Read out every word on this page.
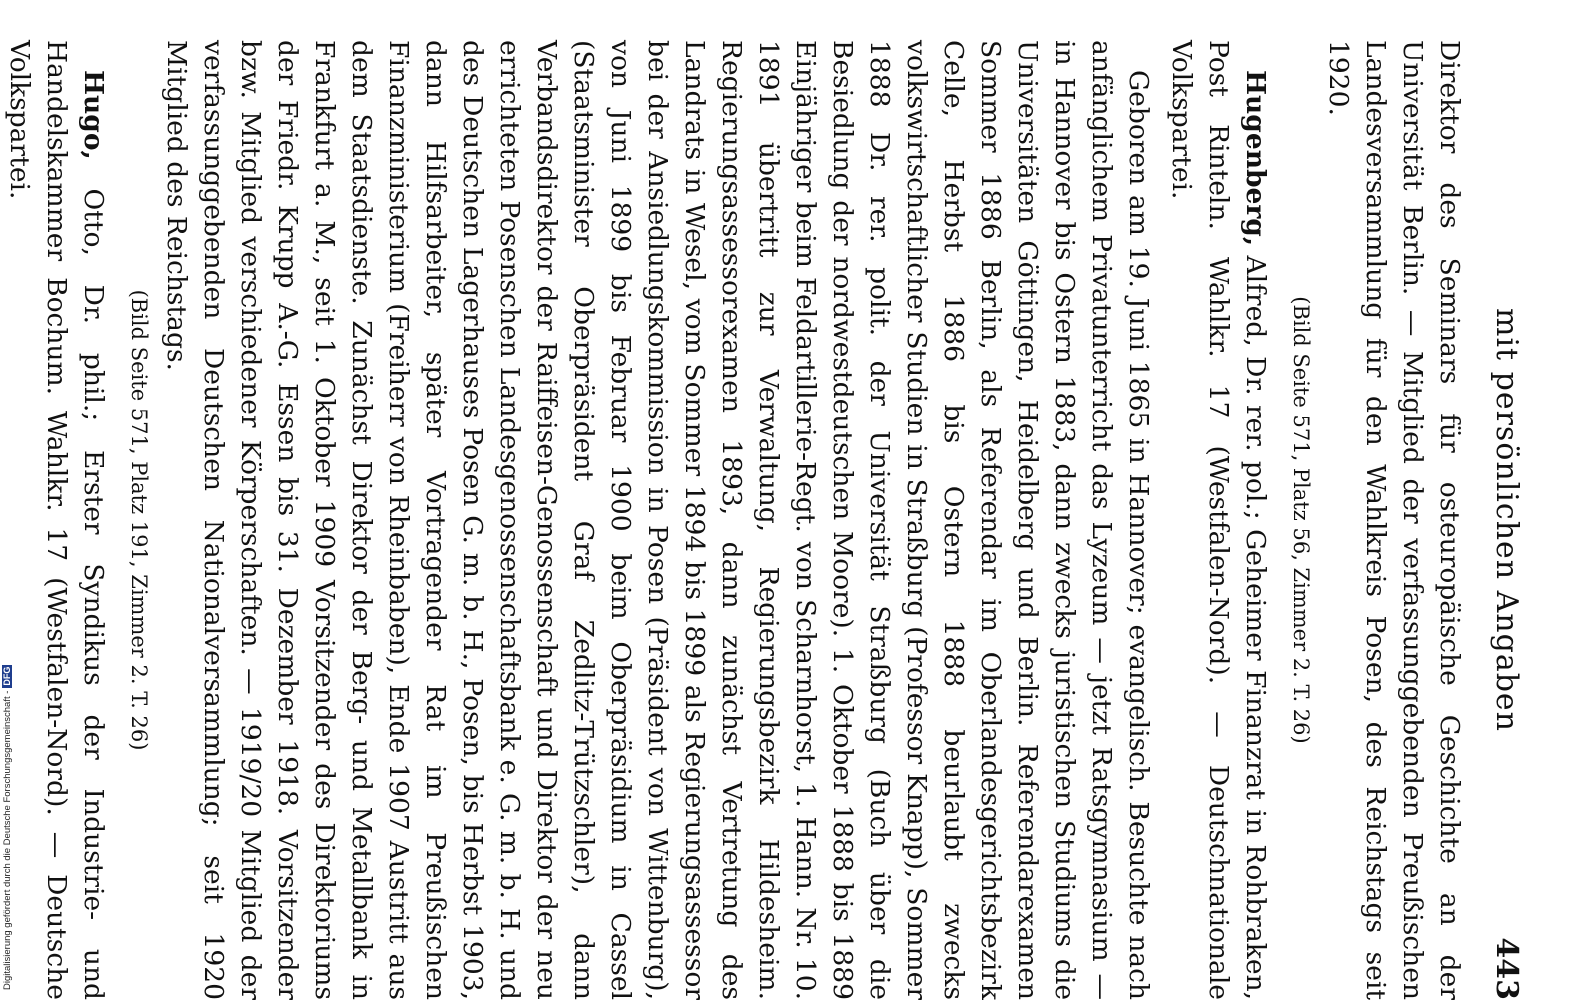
mit persönlichen Angaben
443

Direktor des Seminars für osteuropäische Geschichte an der Universität Berlin. — Mitglied der verfassunggebenden Preußischen Landesversammlung für den Wahlkreis Posen, des Reichstags seit 1920.

(Bild Seite 571, Platz 56, Zimmer 2. T. 26)

Hugenberg, Alfred, Dr. rer. pol.; Geheimer Finanzrat in Rohbraken, Post Rinteln. Wahlkr. 17 (Westfalen-Nord). — Deutschnationale Volkspartei.

Geboren am 19. Juni 1865 in Hannover; evangelisch. Besuchte nach anfänglichem Privatunterricht das Lyzeum — jetzt Ratsgymnasium — in Hannover bis Ostern 1883, dann zwecks juristischen Studiums die Universitäten Göttingen, Heidelberg und Berlin. Referendarexamen Sommer 1886 Berlin, als Referendar im Oberlandesgerichtsbezirk Celle, Herbst 1886 bis Ostern 1888 beurlaubt zwecks volkswirtschaftlicher Studien in Straßburg (Professor Knapp), Sommer 1888 Dr. rer. polit. der Universität Straßburg (Buch über die Besiedlung der nordwestdeutschen Moore). 1. Oktober 1888 bis 1889 Einjähriger beim Feldartillerie-Regt. von Scharnhorst, 1. Hann. Nr. 10. 1891 übertritt zur Verwaltung, Regierungsbezirk Hildesheim. Regierungsassessorexamen 1893, dann zunächst Vertretung des Landrats in Wesel, vom Sommer 1894 bis 1899 als Regierungsassessor bei der Ansiedlungskommission in Posen (Präsident von Wittenburg), von Juni 1899 bis Februar 1900 beim Oberpräsidium in Cassel (Staatsminister Oberpräsident Graf Zedlitz-Trützschler), dann Verbandsdirektor der Raiffeisen-Genossenschaft und Direktor der neu errichteten Posenschen Landesgenossenschaftsbank e. G. m. b. H. und des Deutschen Lagerhauses Posen G. m. b. H., Posen, bis Herbst 1903, dann Hilfsarbeiter, später Vortragender Rat im Preußischen Finanzministerium (Freiherr von Rheinbaben), Ende 1907 Austritt aus dem Staatsdienste. Zunächst Direktor der Berg- und Metallbank in Frankfurt a. M., seit 1. Oktober 1909 Vorsitzender des Direktoriums der Friedr. Krupp A.-G. Essen bis 31. Dezember 1918. Vorsitzender bzw. Mitglied verschiedener Körperschaften. — 1919/20 Mitglied der verfassunggebenden Deutschen Nationalversammlung; seit 1920 Mitglied des Reichstags.

(Bild Seite 571, Platz 191, Zimmer 2. T. 26)

Hugo, Otto, Dr. phil.; Erster Syndikus der Industrie- und Handelskammer Bochum. Wahlkr. 17 (Westfalen-Nord). — Deutsche Volkspartei.

Digitalisierung gefördert durch die Deutsche Forschungsgemeinschaft -DFG
